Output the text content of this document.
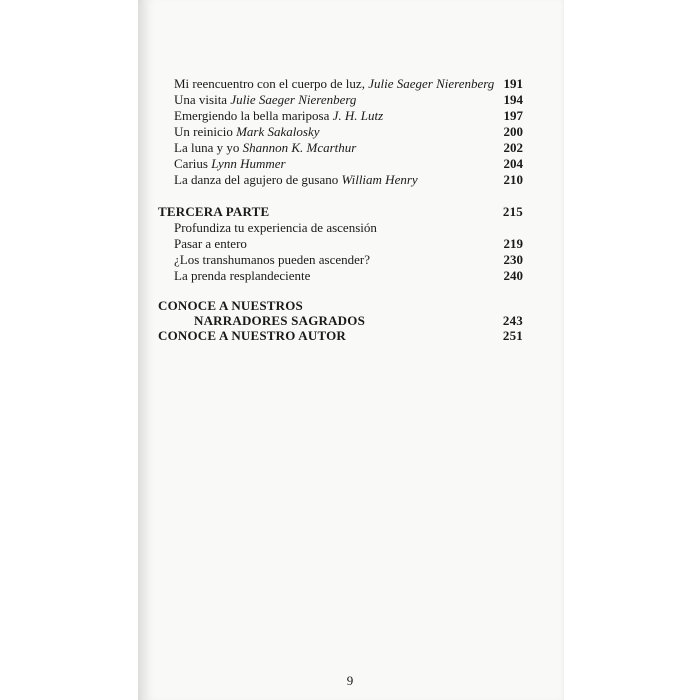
Mi reencuentro con el cuerpo de luz, Julie Saeger Nierenberg 191
Una visita Julie Saeger Nierenberg	194
Emergiendo la bella mariposa J. H. Lutz	197
Un reinicio Mark Sakalosky	200
La luna y yo Shannon K. Mcarthur	202
Carius Lynn Hummer	204
La danza del agujero de gusano William Henry	210
TERCERA PARTE	215
Profundiza tu experiencia de ascensión
Pasar a entero	219
¿Los transhumanos pueden ascender?	230
La prenda resplandeciente	240
CONOCE A NUESTROS
NARRADORES SAGRADOS	243
CONOCE A NUESTRO AUTOR	251
9
